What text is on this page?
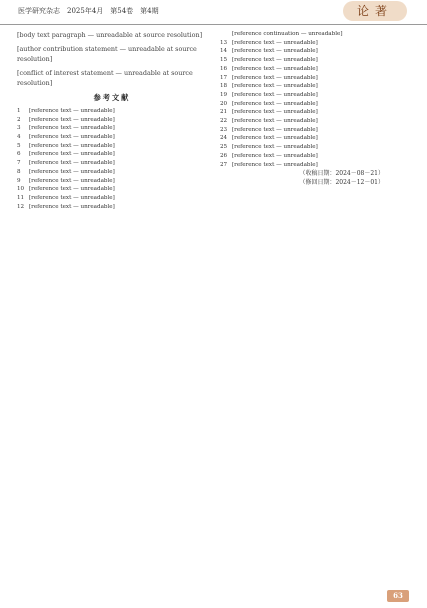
医学研究杂志　2025年4月　第54卷　第4期	论著

[body text paragraph — unreadable at source resolution]

[author contribution statement — unreadable at source resolution]

[conflict of interest statement — unreadable at source resolution]

参考文献
1	[reference text — unreadable]
2	[reference text — unreadable]
3	[reference text — unreadable]
4	[reference text — unreadable]
5	[reference text — unreadable]
6	[reference text — unreadable]
7	[reference text — unreadable]
8	[reference text — unreadable]
9	[reference text — unreadable]
10 [reference text — unreadable]
11 [reference text — unreadable]
12 [reference text — unreadable]
[reference continuation — unreadable]
13 [reference text — unreadable]
14 [reference text — unreadable]
15 [reference text — unreadable]
16 [reference text — unreadable]
17 [reference text — unreadable]
18 [reference text — unreadable]
19 [reference text — unreadable]
20 [reference text — unreadable]
21 [reference text — unreadable]
22 [reference text — unreadable]
23 [reference text — unreadable]
24 [reference text — unreadable]
25 [reference text — unreadable]
26 [reference text — unreadable]
27 [reference text — unreadable]
（收稿日期：2024－08－21）
（修回日期：2024－12－01）
63
